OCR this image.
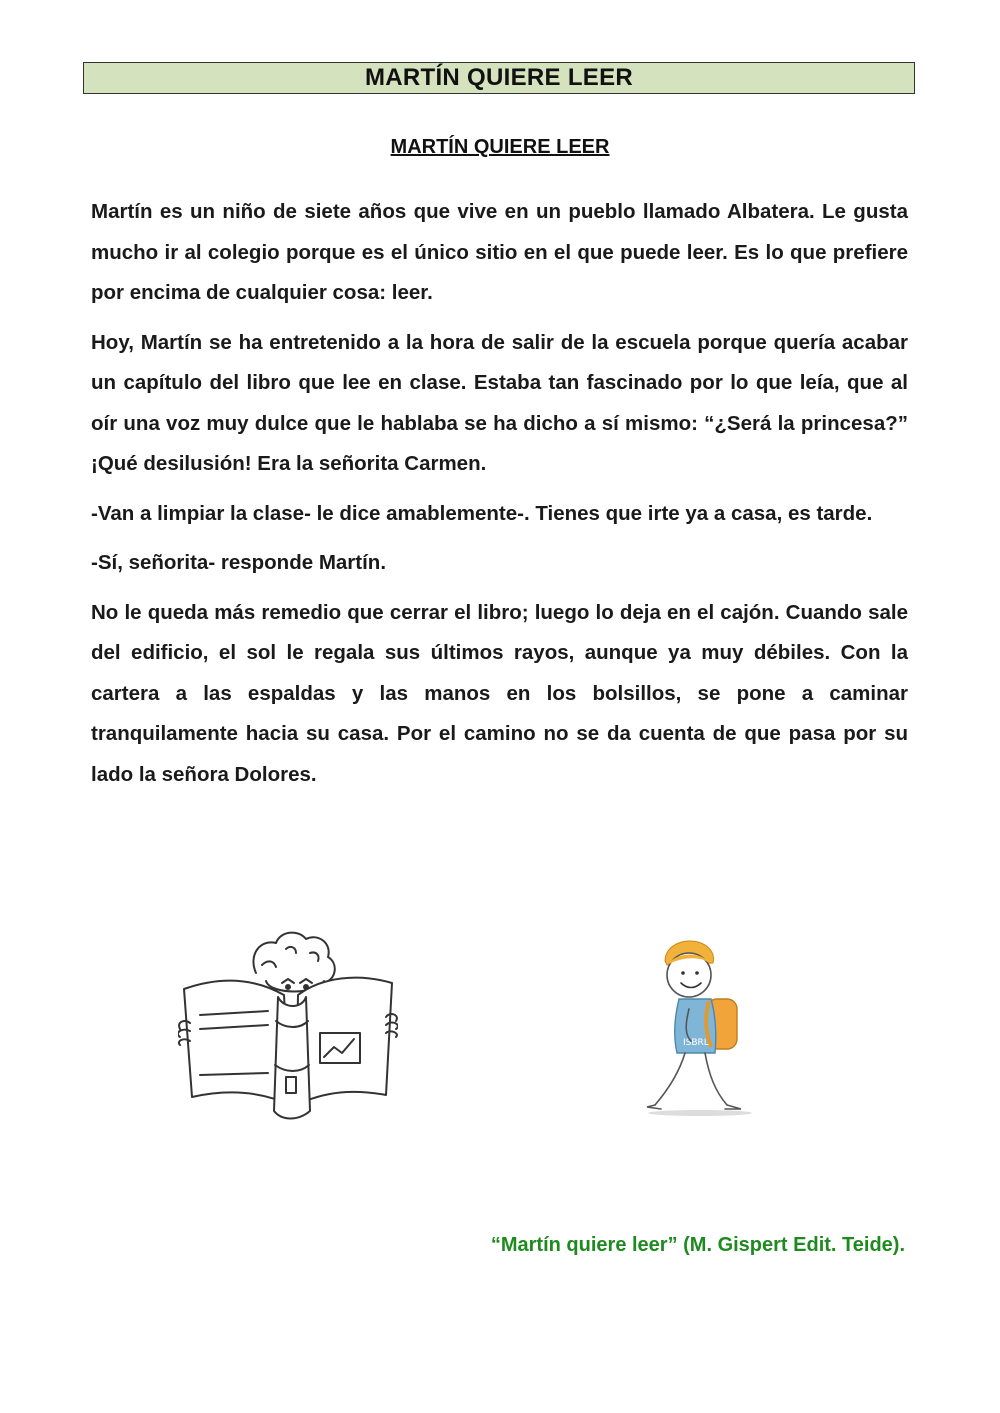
MARTÍN QUIERE LEER
MARTÍN QUIERE LEER

Martín es un niño de siete años que vive en un pueblo llamado Albatera. Le gusta mucho ir al colegio porque es el único sitio en el que puede leer. Es lo que prefiere por encima de cualquier cosa: leer.

Hoy, Martín se ha entretenido a la hora de salir de la escuela porque quería acabar un capítulo del libro que lee en clase. Estaba tan fascinado por lo que leía, que al oír una voz muy dulce que le hablaba se ha dicho a sí mismo: “¿Será la princesa?” ¡Qué desilusión! Era la señorita Carmen.

-Van a limpiar la clase- le dice amablemente-. Tienes que irte ya a casa, es tarde.

-Sí, señorita- responde Martín.

No le queda más remedio que cerrar el libro; luego lo deja en el cajón. Cuando sale del edificio, el sol le regala sus últimos rayos, aunque ya muy débiles. Con la cartera a las espaldas y las manos en los bolsillos, se pone a caminar tranquilamente hacia su casa. Por el camino no se da cuenta de que pasa por su lado la señora Dolores.

ISBRL
“Martín quiere leer” (M. Gispert Edit. Teide).
